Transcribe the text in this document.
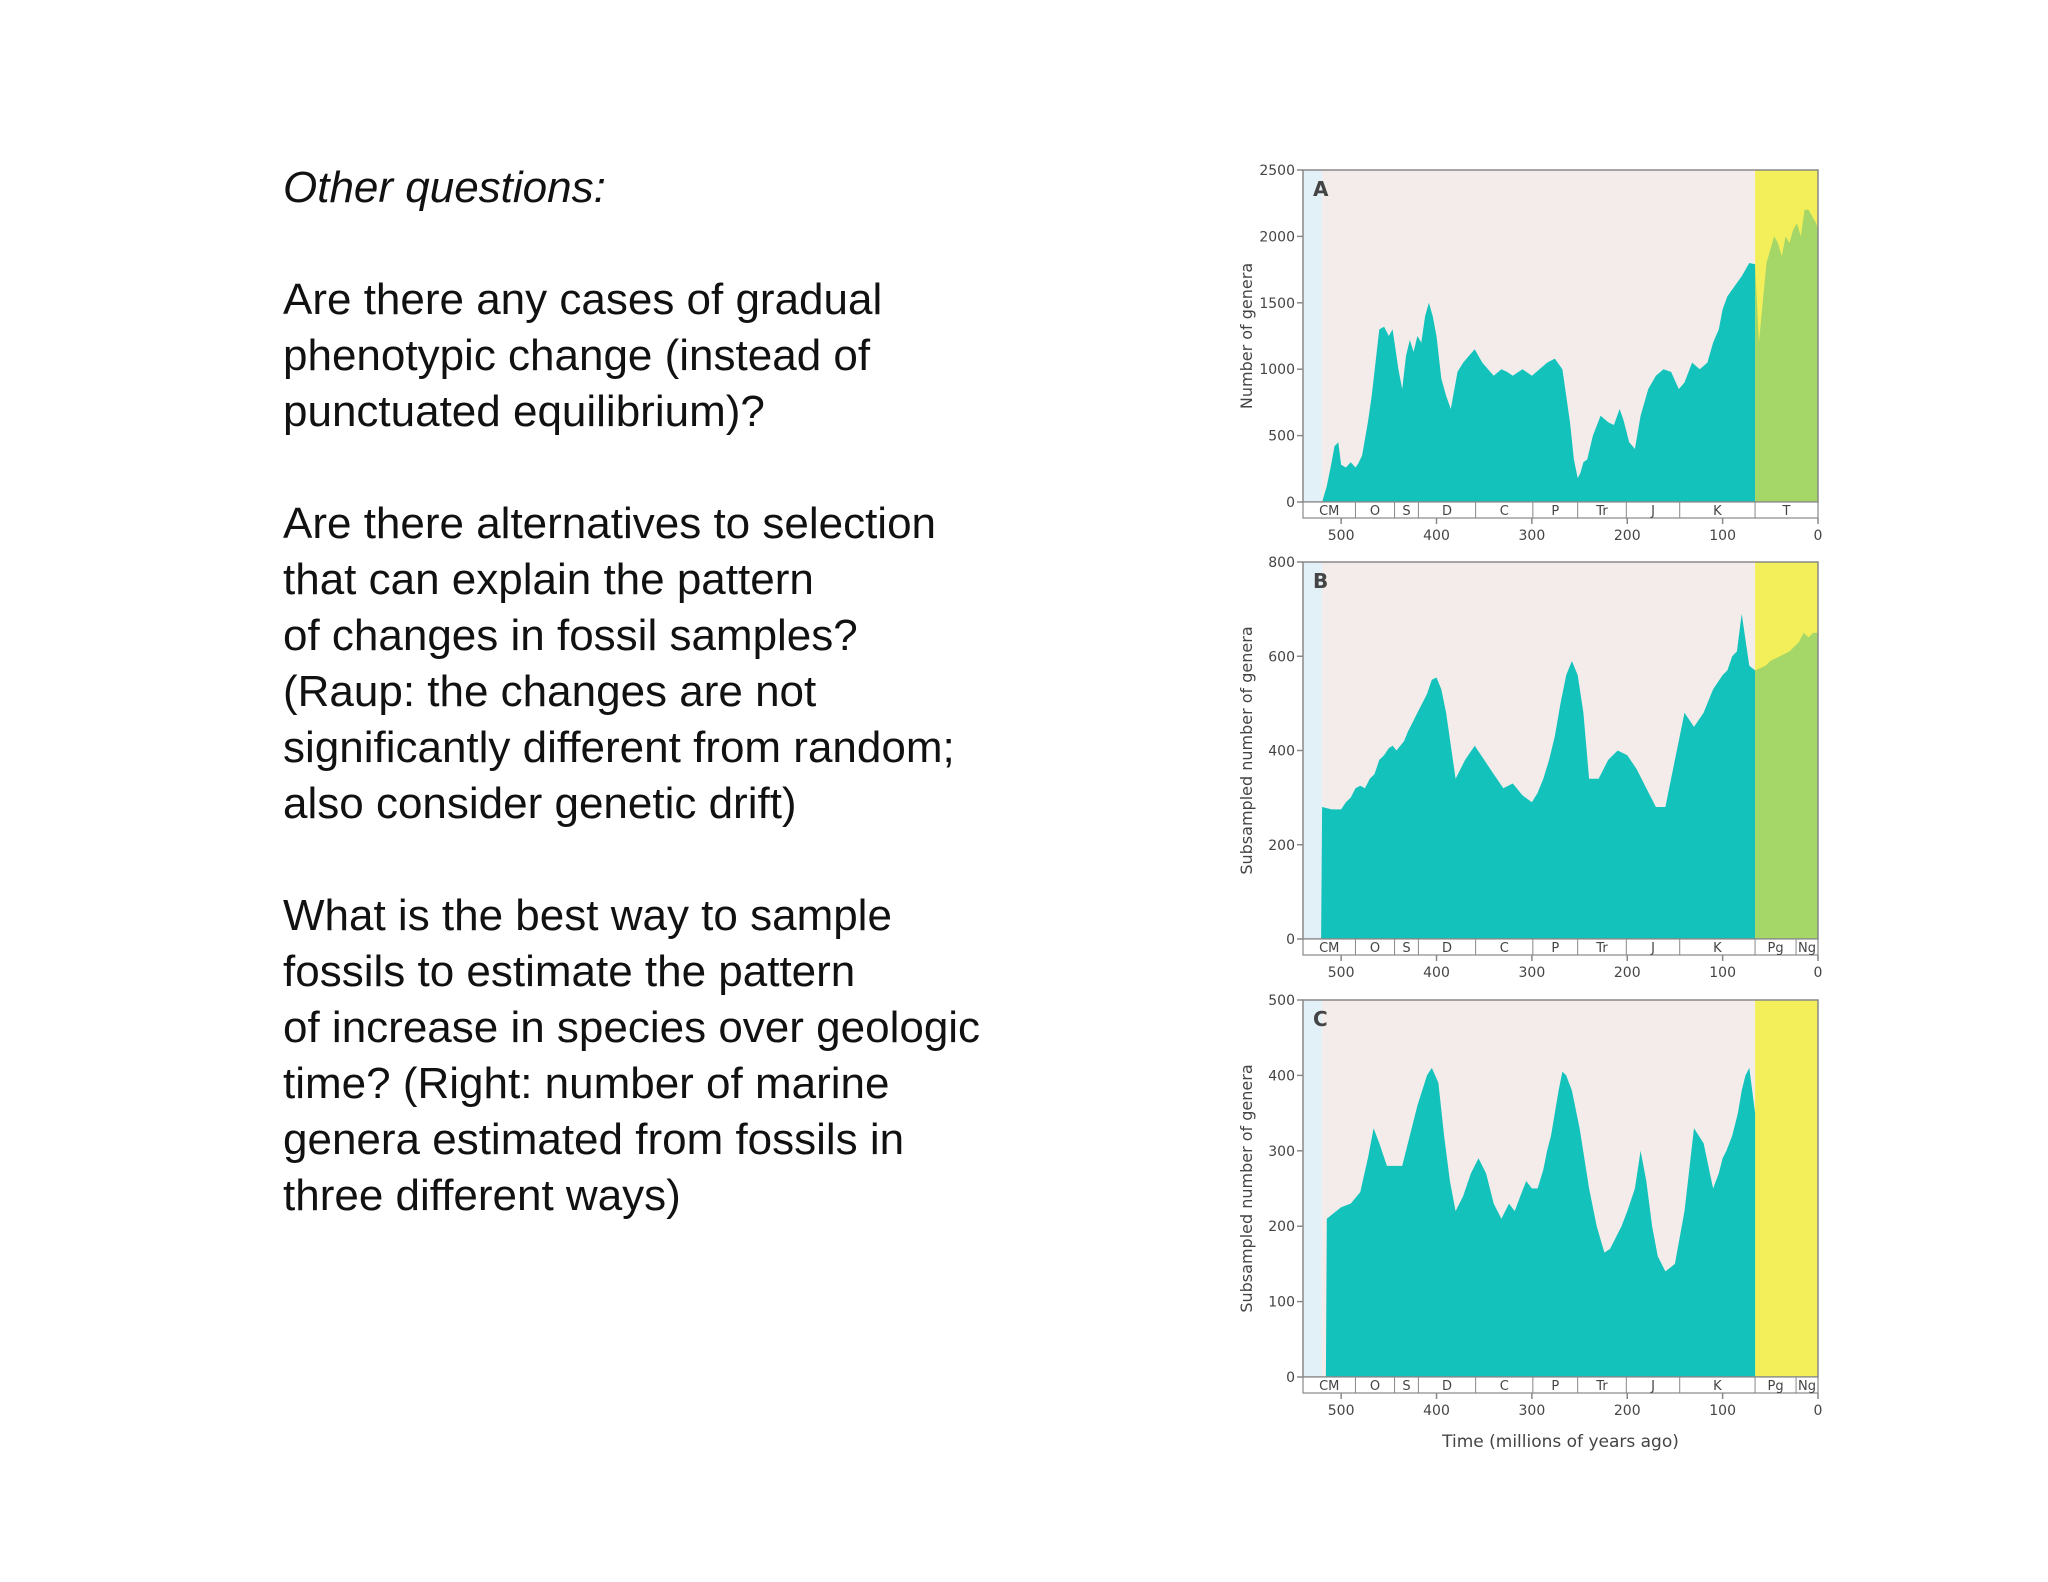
Other questions:

Are there any cases of gradual
phenotypic change (instead of
punctuated equilibrium)?

Are there alternatives to selection
that can explain the pattern
of changes in fossil samples?
(Raup: the changes are not
significantly different from random;
also consider genetic drift)

What is the best way to sample
fossils to estimate the pattern
of increase in species over geologic
time? (Right: number of marine
genera estimated from fossils in
three different ways)

A
0
500
1000
1500
2000
2500
Number of genera
CM O S D	C	P	Tr	J	K	T
500	400	300	200	100	0
B
0
200
400
600
800
Subsampled number of genera
CM O S D	C	P	Tr	J	K	Pg Ng
500	400	300	200	100	0
C
0
100
200
300
400
500
Subsampled number of genera
CM O S D	C	P	Tr	J	K	Pg Ng
500	400	300	200	100	0
Time (millions of years ago)
